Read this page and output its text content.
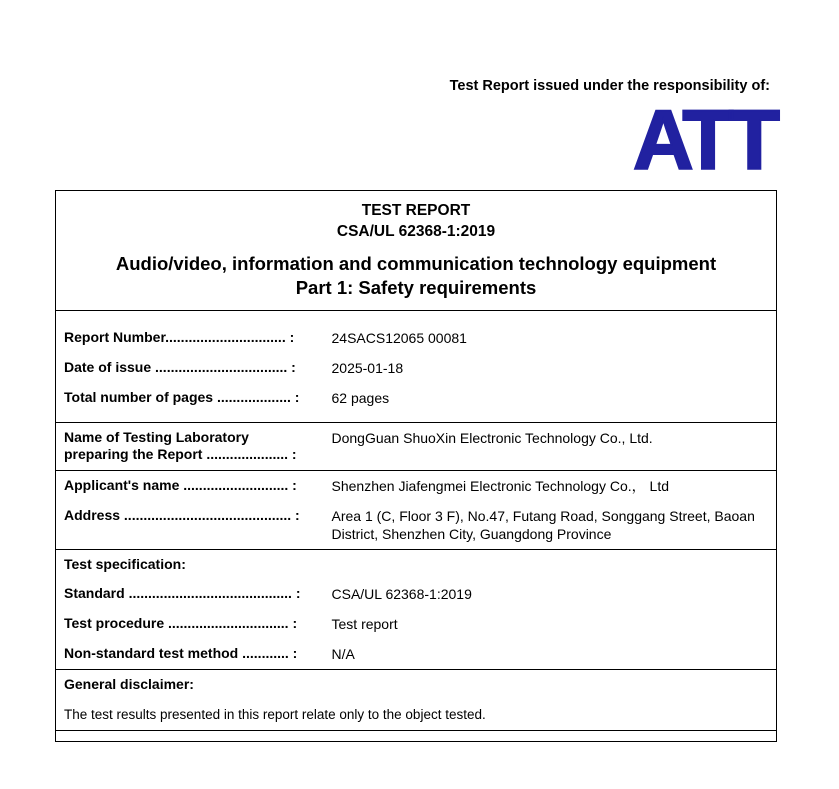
Test Report issued under the responsibility of:
ATT
TEST REPORT
CSA/UL 62368-1:2019
Audio/video, information and communication technology equipment
Part 1: Safety requirements	

Report Number............................... :	24SACS12065 00081
Date of issue .................................. :	2025-01-18
Total number of pages ................... :	62 pages

Name of Testing Laboratory
preparing the Report ..................... :	DongGuan ShuoXin Electronic Technology Co., Ltd.
Applicant's name ........................... :	Shenzhen Jiafengmei Electronic Technology Co.， Ltd
Address ........................................... :	Area 1 (C, Floor 3 F), No.47, Futang Road, Songgang Street, Baoan District, Shenzhen City, Guangdong Province
Test specification:	
Standard .......................................... :	CSA/UL 62368-1:2019
Test procedure ............................... :	Test report
Non-standard test method ............ :	N/A
General disclaimer:	
The test results presented in this report relate only to the object tested.	
